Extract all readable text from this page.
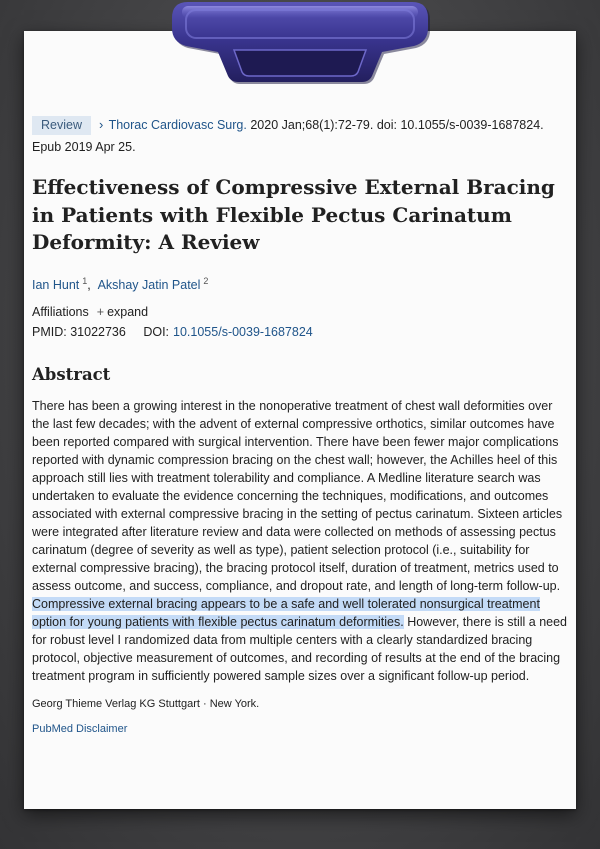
Review › Thorac Cardiovasc Surg. 2020 Jan;68(1):72-79. doi: 10.1055/s-0039-1687824.
Epub 2019 Apr 25.
Effectiveness of Compressive External Bracing in Patients with Flexible Pectus Carinatum Deformity: A Review
Ian Hunt $^1$, Akshay Jatin Patel $^2$
Affiliations + expand
PMID: 31022736 DOI: 10.1055/s-0039-1687824
Abstract

There has been a growing interest in the nonoperative treatment of chest wall deformities over the last few decades; with the advent of external compressive orthotics, similar outcomes have been reported compared with surgical intervention. There have been fewer major complications reported with dynamic compression bracing on the chest wall; however, the Achilles heel of this approach still lies with treatment tolerability and compliance. A Medline literature search was undertaken to evaluate the evidence concerning the techniques, modifications, and outcomes associated with external compressive bracing in the setting of pectus carinatum. Sixteen articles were integrated after literature review and data were collected on methods of assessing pectus carinatum (degree of severity as well as type), patient selection protocol (i.e., suitability for external compressive bracing), the bracing protocol itself, duration of treatment, metrics used to assess outcome, and success, compliance, and dropout rate, and length of long-term follow-up. Compressive external bracing appears to be a safe and well tolerated nonsurgical treatment option for young patients with flexible pectus carinatum deformities. However, there is still a need for robust level I randomized data from multiple centers with a clearly standardized bracing protocol, objective measurement of outcomes, and recording of results at the end of the bracing treatment program in sufficiently powered sample sizes over a significant follow-up period.

Georg Thieme Verlag KG Stuttgart · New York.
PubMed Disclaimer
